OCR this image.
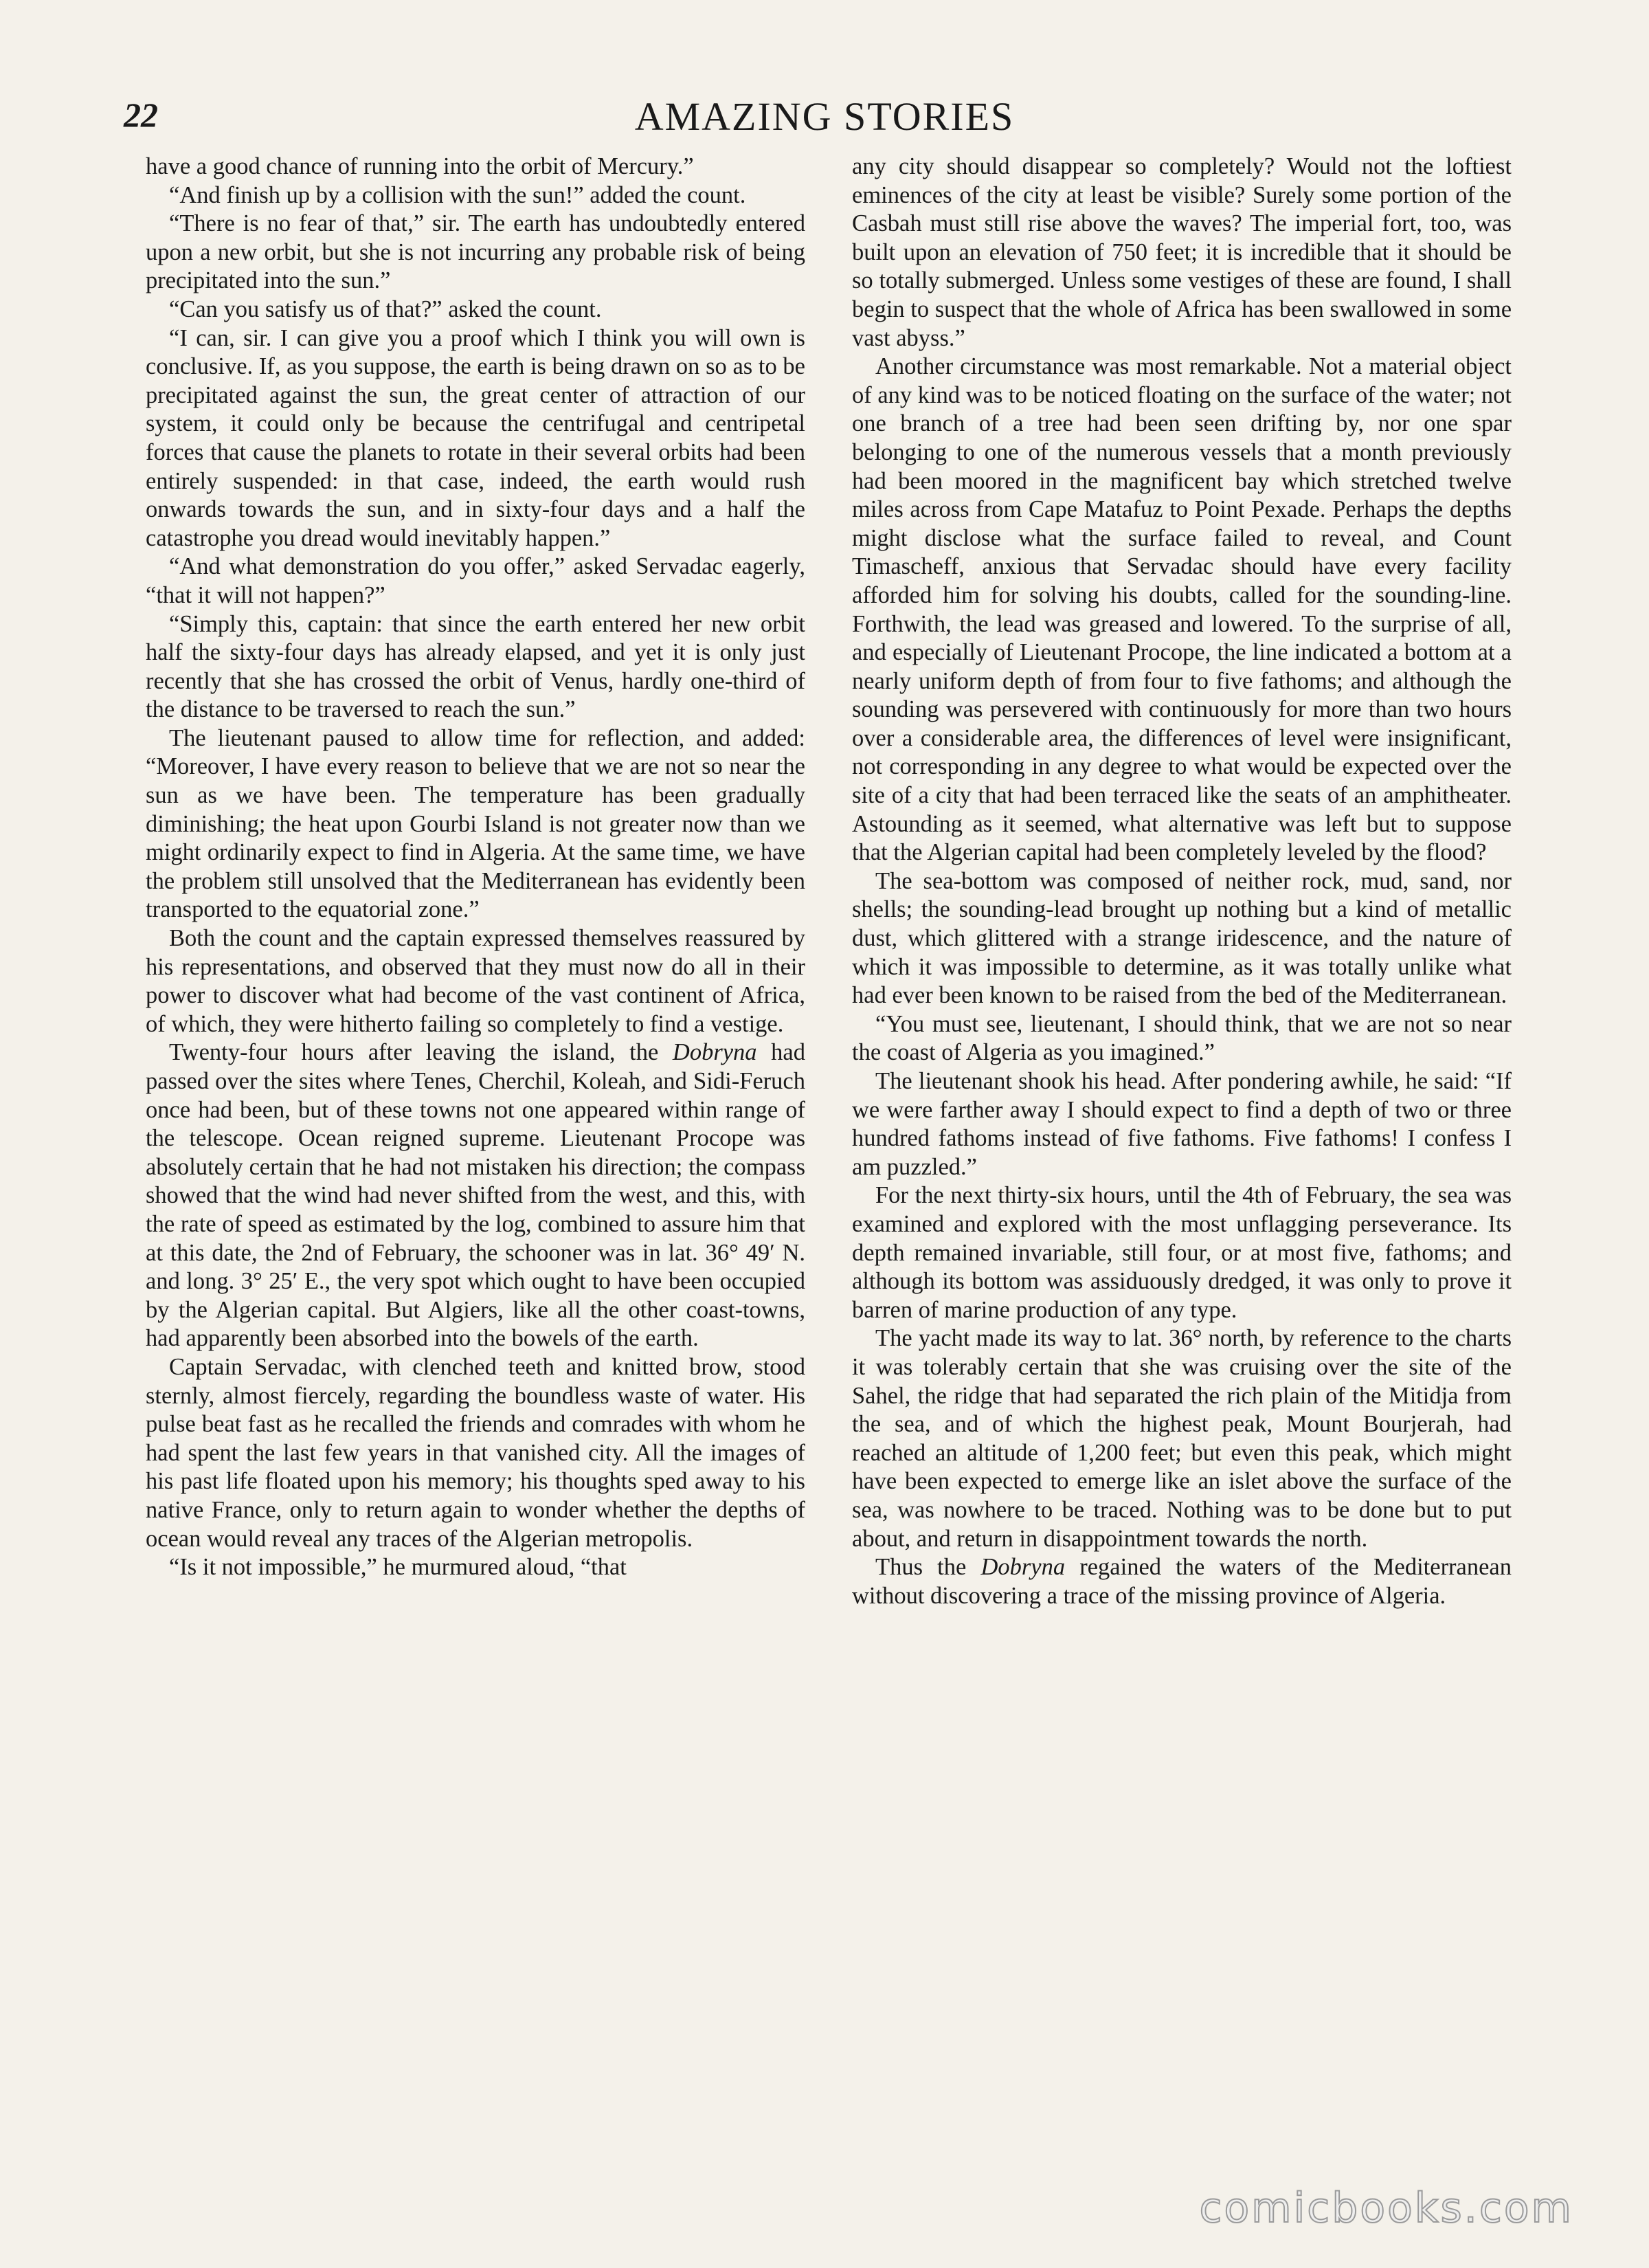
22	AMAZING STORIES

have a good chance of running into the orbit of Mercury.”

“And finish up by a collision with the sun!” added the count.

“There is no fear of that,” sir. The earth has undoubtedly entered upon a new orbit, but she is not incurring any probable risk of being precipitated into the sun.”

“Can you satisfy us of that?” asked the count.

“I can, sir. I can give you a proof which I think you will own is conclusive. If, as you suppose, the earth is being drawn on so as to be precipitated against the sun, the great center of attraction of our system, it could only be because the centrifugal and centripetal forces that cause the planets to rotate in their several orbits had been entirely suspended: in that case, indeed, the earth would rush onwards towards the sun, and in sixty-four days and a half the catastrophe you dread would inevitably happen.”

“And what demonstration do you offer,” asked Servadac eagerly, “that it will not happen?”

“Simply this, captain: that since the earth entered her new orbit half the sixty-four days has already elapsed, and yet it is only just recently that she has crossed the orbit of Venus, hardly one-third of the distance to be traversed to reach the sun.”

The lieutenant paused to allow time for reflection, and added: “Moreover, I have every reason to believe that we are not so near the sun as we have been. The temperature has been gradually diminishing; the heat upon Gourbi Island is not greater now than we might ordinarily expect to find in Algeria. At the same time, we have the problem still unsolved that the Mediterranean has evidently been transported to the equatorial zone.”

Both the count and the captain expressed themselves reassured by his representations, and observed that they must now do all in their power to discover what had become of the vast continent of Africa, of which, they were hitherto failing so completely to find a vestige.

Twenty-four hours after leaving the island, the Dobryna had passed over the sites where Tenes, Cherchil, Koleah, and Sidi-Feruch once had been, but of these towns not one appeared within range of the telescope. Ocean reigned supreme. Lieutenant Procope was absolutely certain that he had not mistaken his direction; the compass showed that the wind had never shifted from the west, and this, with the rate of speed as estimated by the log, combined to assure him that at this date, the 2nd of February, the schooner was in lat. 36° 49′ N. and long. 3° 25′ E., the very spot which ought to have been occupied by the Algerian capital. But Algiers, like all the other coast-towns, had apparently been absorbed into the bowels of the earth.

Captain Servadac, with clenched teeth and knitted brow, stood sternly, almost fiercely, regarding the boundless waste of water. His pulse beat fast as he recalled the friends and comrades with whom he had spent the last few years in that vanished city. All the images of his past life floated upon his memory; his thoughts sped away to his native France, only to return again to wonder whether the depths of ocean would reveal any traces of the Algerian metropolis.

“Is it not impossible,” he murmured aloud, “that

any city should disappear so completely? Would not the loftiest eminences of the city at least be visible? Surely some portion of the Casbah must still rise above the waves? The imperial fort, too, was built upon an elevation of 750 feet; it is incredible that it should be so totally submerged. Unless some vestiges of these are found, I shall begin to suspect that the whole of Africa has been swallowed in some vast abyss.”

Another circumstance was most remarkable. Not a material object of any kind was to be noticed floating on the surface of the water; not one branch of a tree had been seen drifting by, nor one spar belonging to one of the numerous vessels that a month previously had been moored in the magnificent bay which stretched twelve miles across from Cape Matafuz to Point Pexade. Perhaps the depths might disclose what the surface failed to reveal, and Count Timascheff, anxious that Servadac should have every facility afforded him for solving his doubts, called for the sounding-line. Forthwith, the lead was greased and lowered. To the surprise of all, and especially of Lieutenant Procope, the line indicated a bottom at a nearly uniform depth of from four to five fathoms; and although the sounding was persevered with continuously for more than two hours over a considerable area, the differences of level were insignificant, not corresponding in any degree to what would be expected over the site of a city that had been terraced like the seats of an amphitheater. Astounding as it seemed, what alternative was left but to suppose that the Algerian capital had been completely leveled by the flood?

The sea-bottom was composed of neither rock, mud, sand, nor shells; the sounding-lead brought up nothing but a kind of metallic dust, which glittered with a strange iridescence, and the nature of which it was impossible to determine, as it was totally unlike what had ever been known to be raised from the bed of the Mediterranean.

“You must see, lieutenant, I should think, that we are not so near the coast of Algeria as you imagined.”

The lieutenant shook his head. After pondering awhile, he said: “If we were farther away I should expect to find a depth of two or three hundred fathoms instead of five fathoms. Five fathoms! I confess I am puzzled.”

For the next thirty-six hours, until the 4th of February, the sea was examined and explored with the most unflagging perseverance. Its depth remained invariable, still four, or at most five, fathoms; and although its bottom was assiduously dredged, it was only to prove it barren of marine production of any type.

The yacht made its way to lat. 36° north, by reference to the charts it was tolerably certain that she was cruising over the site of the Sahel, the ridge that had separated the rich plain of the Mitidja from the sea, and of which the highest peak, Mount Bourjerah, had reached an altitude of 1,200 feet; but even this peak, which might have been expected to emerge like an islet above the surface of the sea, was nowhere to be traced. Nothing was to be done but to put about, and return in disappointment towards the north.

Thus the Dobryna regained the waters of the Mediterranean without discovering a trace of the missing province of Algeria.

comicbooks.com
